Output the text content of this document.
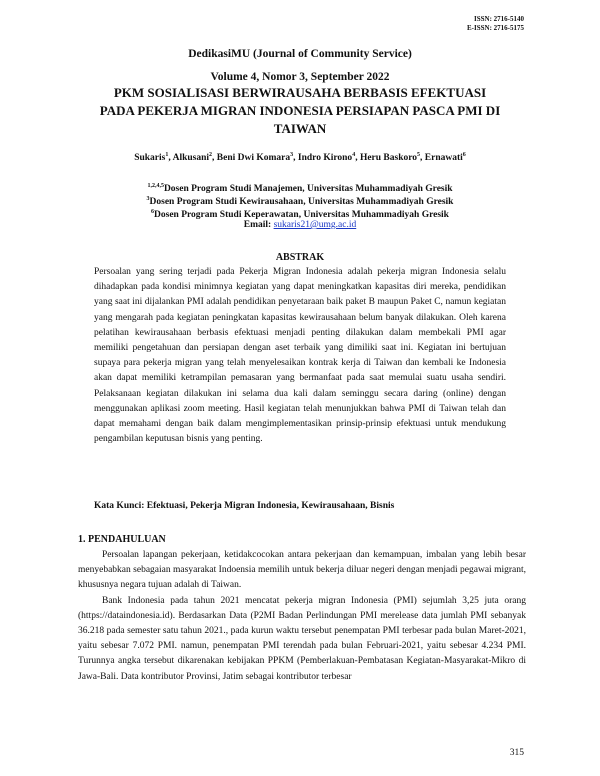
ISSN: 2716-5140
E-ISSN: 2716-5175
DedikasiMU (Journal of Community Service)
Volume 4, Nomor 3, September 2022
PKM SOSIALISASI BERWIRAUSAHA BERBASIS EFEKTUASI PADA PEKERJA MIGRAN INDONESIA PERSIAPAN PASCA PMI DI TAIWAN
Sukaris$^1$, Alkusani$^2$, Beni Dwi Komara$^3$, Indro Kirono$^4$, Heru Baskoro$^5$, Ernawati$^6$
$^{1,2,4,5}$Dosen Program Studi Manajemen, Universitas Muhammadiyah Gresik
$^3$Dosen Program Studi Kewirausahaan, Universitas Muhammadiyah Gresik
$^6$Dosen Program Studi Keperawatan, Universitas Muhammadiyah Gresik
Email: sukaris21@umg.ac.id
ABSTRAK
Persoalan yang sering terjadi pada Pekerja Migran Indonesia adalah pekerja migran Indonesia selalu dihadapkan pada kondisi minimnya kegiatan yang dapat meningkatkan kapasitas diri mereka, pendidikan yang saat ini dijalankan PMI adalah pendidikan penyetaraan baik paket B maupun Paket C, namun kegiatan yang mengarah pada kegiatan peningkatan kapasitas kewirausahaan belum banyak dilakukan. Oleh karena pelatihan kewirausahaan berbasis efektuasi menjadi penting dilakukan dalam membekali PMI agar memiliki pengetahuan dan persiapan dengan aset terbaik yang dimiliki saat ini. Kegiatan ini bertujuan supaya para pekerja migran yang telah menyelesaikan kontrak kerja di Taiwan dan kembali ke Indonesia akan dapat memiliki ketrampilan pemasaran yang bermanfaat pada saat memulai suatu usaha sendiri. Pelaksanaan kegiatan dilakukan ini selama dua kali dalam seminggu secara daring (online) dengan menggunakan aplikasi zoom meeting. Hasil kegiatan telah menunjukkan bahwa PMI di Taiwan telah dan dapat memahami dengan baik dalam mengimplementasikan prinsip-prinsip efektuasi untuk mendukung pengambilan keputusan bisnis yang penting.
Kata Kunci: Efektuasi, Pekerja Migran Indonesia, Kewirausahaan, Bisnis
1. PENDAHULUAN

Persoalan lapangan pekerjaan, ketidakcocokan antara pekerjaan dan kemampuan, imbalan yang lebih besar menyebabkan sebagaian masyarakat Indoensia memilih untuk bekerja diluar negeri dengan menjadi pegawai migrant, khususnya negara tujuan adalah di Taiwan.

Bank Indonesia pada tahun 2021 mencatat pekerja migran Indonesia (PMI) sejumlah 3,25 juta orang (https://dataindonesia.id). Berdasarkan Data (P2MI Badan Perlindungan PMI merelease data jumlah PMI sebanyak 36.218 pada semester satu tahun 2021., pada kurun waktu tersebut penempatan PMI terbesar pada bulan Maret-2021, yaitu sebesar 7.072 PMI. namun, penempatan PMI terendah pada bulan Februari-2021, yaitu sebesar 4.234 PMI. Turunnya angka tersebut dikarenakan kebijakan PPKM (Pemberlakuan-Pembatasan Kegiatan-Masyarakat-Mikro di Jawa-Bali. Data kontributor Provinsi, Jatim sebagai kontributor terbesar

315
